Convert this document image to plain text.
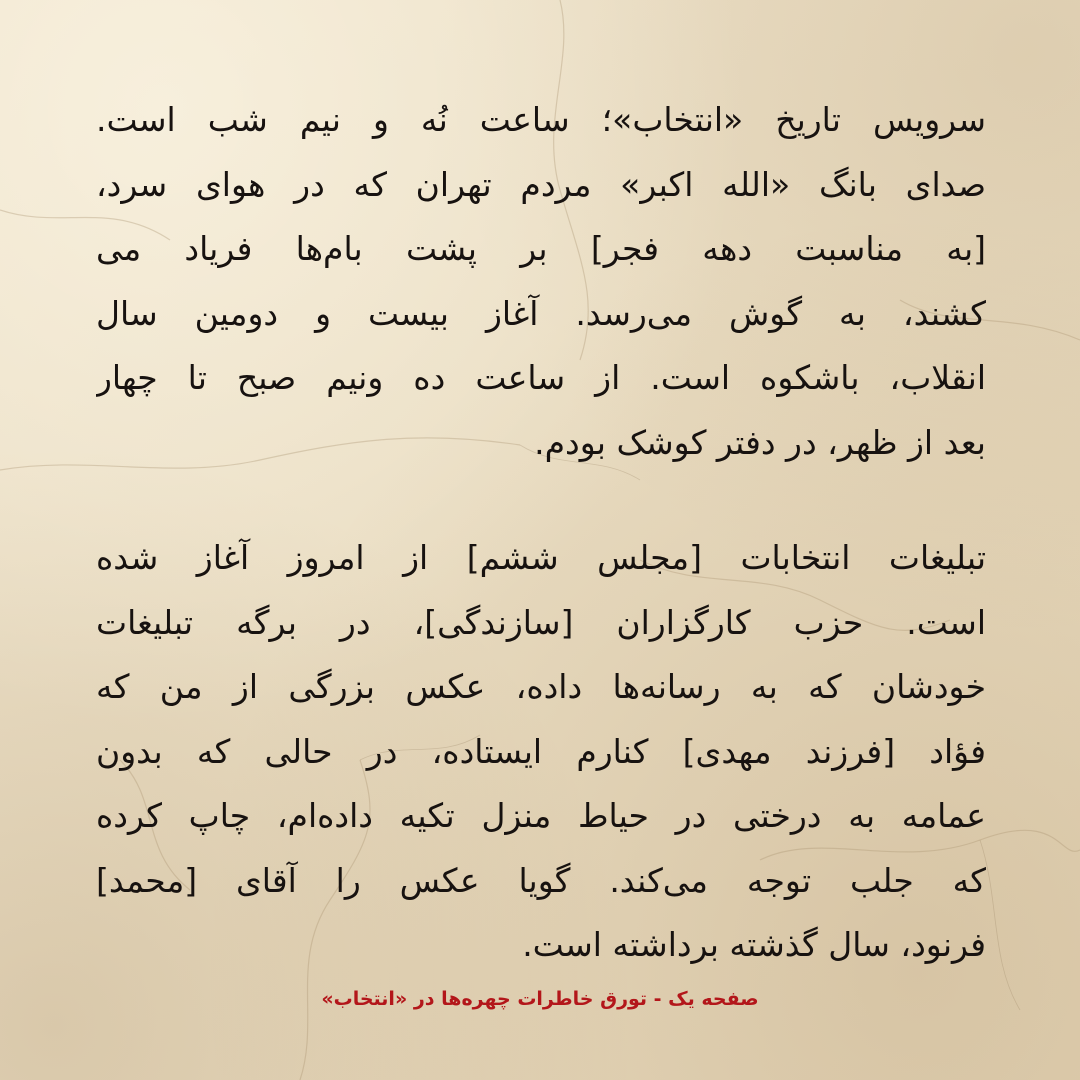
سرویس تاریخ «انتخاب»؛ ساعت نُه و نیم شب است.
صدای بانگ «الله اکبر» مردم تهران که در هوای سرد،
[به مناسبت دهه فجر] بر پشت بام‌ها فریاد می
کشند، به گوش می‌رسد. آغاز بیست و دومین سال
انقلاب، باشکوه است. از ساعت ده ونیم صبح تا چهار
بعد از ظهر، در دفتر کوشک بودم.
تبلیغات انتخابات [مجلس ششم] از امروز آغاز شده
است. حزب کارگزاران [سازندگی]، در برگه تبلیغات
خودشان که به رسانه‌ها داده، عکس بزرگی از من که
فؤاد [فرزند مهدی] کنارم ایستاده، در حالی که بدون
عمامه به درختی در حیاط منزل تکیه داده‌ام، چاپ کرده
که جلب توجه می‌کند. گویا عکس را آقای [محمد]
فرنود، سال گذشته برداشته است.
صفحه یک - تورق خاطرات چهره‌ها در «انتخاب»
